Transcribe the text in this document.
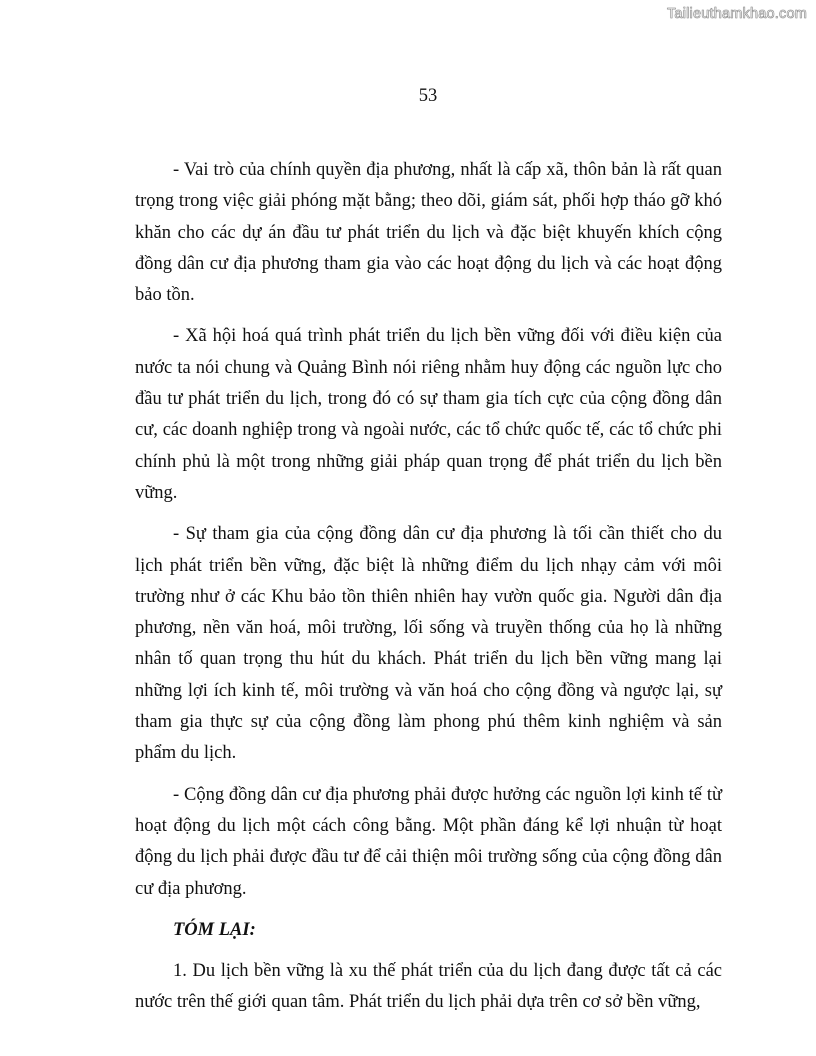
Tailieuthamkhao.com
53

- Vai trò của chính quyền địa phương, nhất là cấp xã, thôn bản là rất quan trọng trong việc giải phóng mặt bằng; theo dõi, giám sát, phối hợp tháo gỡ khó khăn cho các dự án đầu tư phát triển du lịch và đặc biệt khuyến khích cộng đồng dân cư địa phương tham gia vào các hoạt động du lịch và các hoạt động bảo tồn.

- Xã hội hoá quá trình phát triển du lịch bền vững đối với điều kiện của nước ta nói chung và Quảng Bình nói riêng nhằm huy động các nguồn lực cho đầu tư phát triển du lịch, trong đó có sự tham gia tích cực của cộng đồng dân cư, các doanh nghiệp trong và ngoài nước, các tổ chức quốc tế, các tổ chức phi chính phủ là một trong những giải pháp quan trọng để phát triển du lịch bền vững.

- Sự tham gia của cộng đồng dân cư địa phương là tối cần thiết cho du lịch phát triển bền vững, đặc biệt là những điểm du lịch nhạy cảm với môi trường như ở các Khu bảo tồn thiên nhiên hay vườn quốc gia. Người dân địa phương, nền văn hoá, môi trường, lối sống và truyền thống của họ là những nhân tố quan trọng thu hút du khách. Phát triển du lịch bền vững mang lại những lợi ích kinh tế, môi trường và văn hoá cho cộng đồng và ngược lại, sự tham gia thực sự của cộng đồng làm phong phú thêm kinh nghiệm và sản phẩm du lịch.

- Cộng đồng dân cư địa phương phải được hưởng các nguồn lợi kinh tế từ hoạt động du lịch một cách công bằng. Một phần đáng kể lợi nhuận từ hoạt động du lịch phải được đầu tư để cải thiện môi trường sống của cộng đồng dân cư địa phương.

TÓM LẠI:

1. Du lịch bền vững là xu thế phát triển của du lịch đang được tất cả các nước trên thế giới quan tâm. Phát triển du lịch phải dựa trên cơ sở bền vững,
